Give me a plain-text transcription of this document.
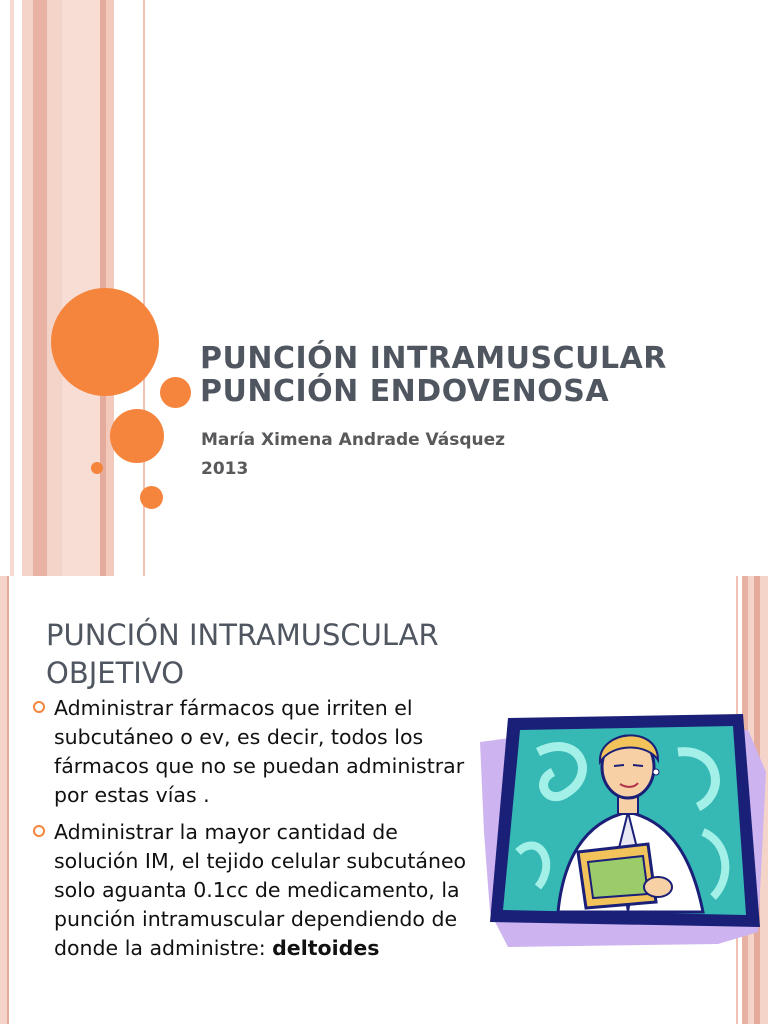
PUNCIÓN INTRAMUSCULAR
PUNCIÓN ENDOVENOSA
María Ximena Andrade Vásquez
2013
PUNCIÓN INTRAMUSCULAR
OBJETIVO
Administrar fármacos que irriten el subcutáneo o ev, es decir, todos los fármacos que no se puedan administrar por estas vías .
Administrar la mayor cantidad de solución IM, el tejido celular subcutáneo solo aguanta 0.1cc de medicamento, la punción intramuscular dependiendo de donde la administre: deltoides
